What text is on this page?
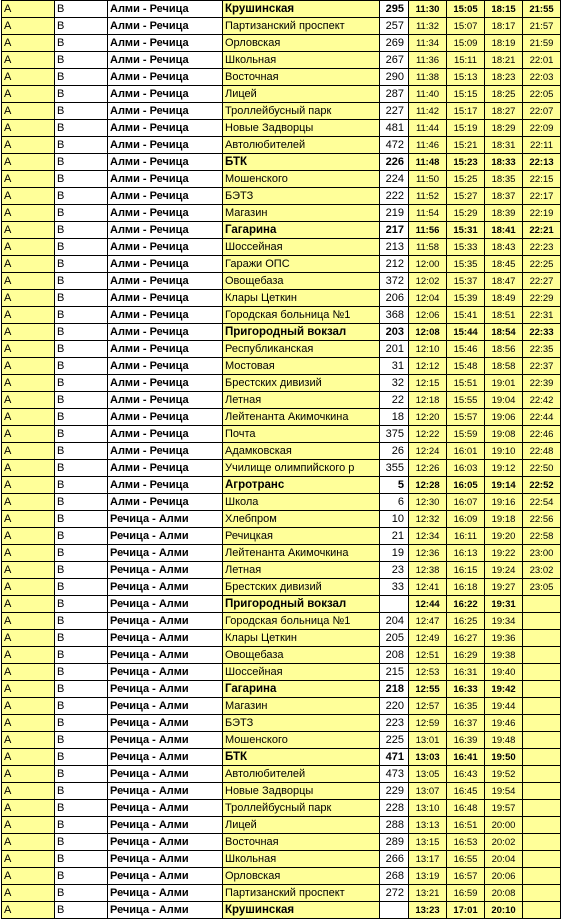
А	В	Алми - Речица	Крушинская	295	11:30	15:05	18:15	21:55
А	В	Алми - Речица	Партизанский проспект	257	11:32	15:07	18:17	21:57
А	В	Алми - Речица	Орловская	269	11:34	15:09	18:19	21:59
А	В	Алми - Речица	Школьная	267	11:36	15:11	18:21	22:01
А	В	Алми - Речица	Восточная	290	11:38	15:13	18:23	22:03
А	В	Алми - Речица	Лицей	287	11:40	15:15	18:25	22:05
А	В	Алми - Речица	Троллейбусный парк	227	11:42	15:17	18:27	22:07
А	В	Алми - Речица	Новые Задворцы	481	11:44	15:19	18:29	22:09
А	В	Алми - Речица	Автолюбителей	472	11:46	15:21	18:31	22:11
А	В	Алми - Речица	БТК	226	11:48	15:23	18:33	22:13
А	В	Алми - Речица	Мошенского	224	11:50	15:25	18:35	22:15
А	В	Алми - Речица	БЭТЗ	222	11:52	15:27	18:37	22:17
А	В	Алми - Речица	Магазин	219	11:54	15:29	18:39	22:19
А	В	Алми - Речица	Гагарина	217	11:56	15:31	18:41	22:21
А	В	Алми - Речица	Шоссейная	213	11:58	15:33	18:43	22:23
А	В	Алми - Речица	Гаражи ОПС	212	12:00	15:35	18:45	22:25
А	В	Алми - Речица	Овощебаза	372	12:02	15:37	18:47	22:27
А	В	Алми - Речица	Клары Цеткин	206	12:04	15:39	18:49	22:29
А	В	Алми - Речица	Городская больница №1	368	12:06	15:41	18:51	22:31
А	В	Алми - Речица	Пригородный вокзал	203	12:08	15:44	18:54	22:33
А	В	Алми - Речица	Республиканская	201	12:10	15:46	18:56	22:35
А	В	Алми - Речица	Мостовая	31	12:12	15:48	18:58	22:37
А	В	Алми - Речица	Брестских дивизий	32	12:15	15:51	19:01	22:39
А	В	Алми - Речица	Летная	22	12:18	15:55	19:04	22:42
А	В	Алми - Речица	Лейтенанта Акимочкина	18	12:20	15:57	19:06	22:44
А	В	Алми - Речица	Почта	375	12:22	15:59	19:08	22:46
А	В	Алми - Речица	Адамковская	26	12:24	16:01	19:10	22:48
А	В	Алми - Речица	Училище олимпийского р	355	12:26	16:03	19:12	22:50
А	В	Алми - Речица	Агротранс	5	12:28	16:05	19:14	22:52
А	В	Алми - Речица	Школа	6	12:30	16:07	19:16	22:54
А	В	Речица - Алми	Хлебпром	10	12:32	16:09	19:18	22:56
А	В	Речица - Алми	Речицкая	21	12:34	16:11	19:20	22:58
А	В	Речица - Алми	Лейтенанта Акимочкина	19	12:36	16:13	19:22	23:00
А	В	Речица - Алми	Летная	23	12:38	16:15	19:24	23:02
А	В	Речица - Алми	Брестских дивизий	33	12:41	16:18	19:27	23:05
А	В	Речица - Алми	Пригородный вокзал		12:44	16:22	19:31	
А	В	Речица - Алми	Городская больница №1	204	12:47	16:25	19:34	
А	В	Речица - Алми	Клары Цеткин	205	12:49	16:27	19:36	
А	В	Речица - Алми	Овощебаза	208	12:51	16:29	19:38	
А	В	Речица - Алми	Шоссейная	215	12:53	16:31	19:40	
А	В	Речица - Алми	Гагарина	218	12:55	16:33	19:42	
А	В	Речица - Алми	Магазин	220	12:57	16:35	19:44	
А	В	Речица - Алми	БЭТЗ	223	12:59	16:37	19:46	
А	В	Речица - Алми	Мошенского	225	13:01	16:39	19:48	
А	В	Речица - Алми	БТК	471	13:03	16:41	19:50	
А	В	Речица - Алми	Автолюбителей	473	13:05	16:43	19:52	
А	В	Речица - Алми	Новые Задворцы	229	13:07	16:45	19:54	
А	В	Речица - Алми	Троллейбусный парк	228	13:10	16:48	19:57	
А	В	Речица - Алми	Лицей	288	13:13	16:51	20:00	
А	В	Речица - Алми	Восточная	289	13:15	16:53	20:02	
А	В	Речица - Алми	Школьная	266	13:17	16:55	20:04	
А	В	Речица - Алми	Орловская	268	13:19	16:57	20:06	
А	В	Речица - Алми	Партизанский проспект	272	13:21	16:59	20:08	
А	В	Речица - Алми	Крушинская		13:23	17:01	20:10	
